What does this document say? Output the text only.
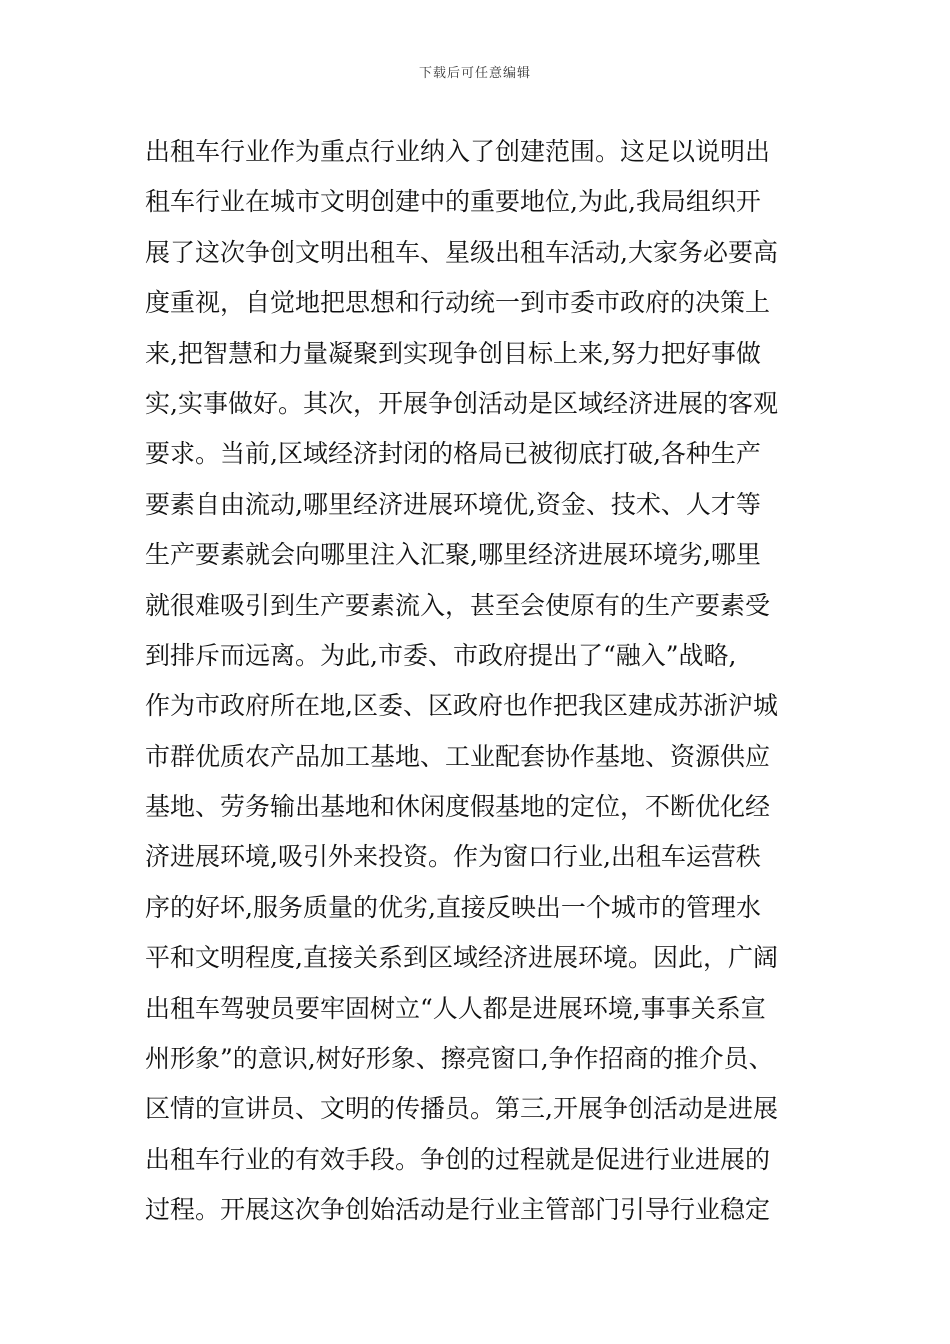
下载后可任意编辑
出租车行业作为重点行业纳入了创建范围。这足以说明出
租车行业在城市文明创建中的重要地位,为此,我局组织开
展了这次争创文明出租车、星级出租车活动,大家务必要高
度重视，自觉地把思想和行动统一到市委市政府的决策上
来,把智慧和力量凝聚到实现争创目标上来,努力把好事做
实,实事做好。其次，开展争创活动是区域经济进展的客观
要求。当前,区域经济封闭的格局已被彻底打破,各种生产
要素自由流动,哪里经济进展环境优,资金、技术、人才等
生产要素就会向哪里注入汇聚,哪里经济进展环境劣,哪里
就很难吸引到生产要素流入，甚至会使原有的生产要素受
到排斥而远离。为此,市委、市政府提出了“融入”战略,
作为市政府所在地,区委、区政府也作把我区建成苏浙沪城
市群优质农产品加工基地、工业配套协作基地、资源供应
基地、劳务输出基地和休闲度假基地的定位，不断优化经
济进展环境,吸引外来投资。作为窗口行业,出租车运营秩
序的好坏,服务质量的优劣,直接反映出一个城市的管理水
平和文明程度,直接关系到区域经济进展环境。因此，广阔
出租车驾驶员要牢固树立“人人都是进展环境,事事关系宣
州形象”的意识,树好形象、擦亮窗口,争作招商的推介员、
区情的宣讲员、文明的传播员。第三,开展争创活动是进展
出租车行业的有效手段。争创的过程就是促进行业进展的
过程。开展这次争创始活动是行业主管部门引导行业稳定
